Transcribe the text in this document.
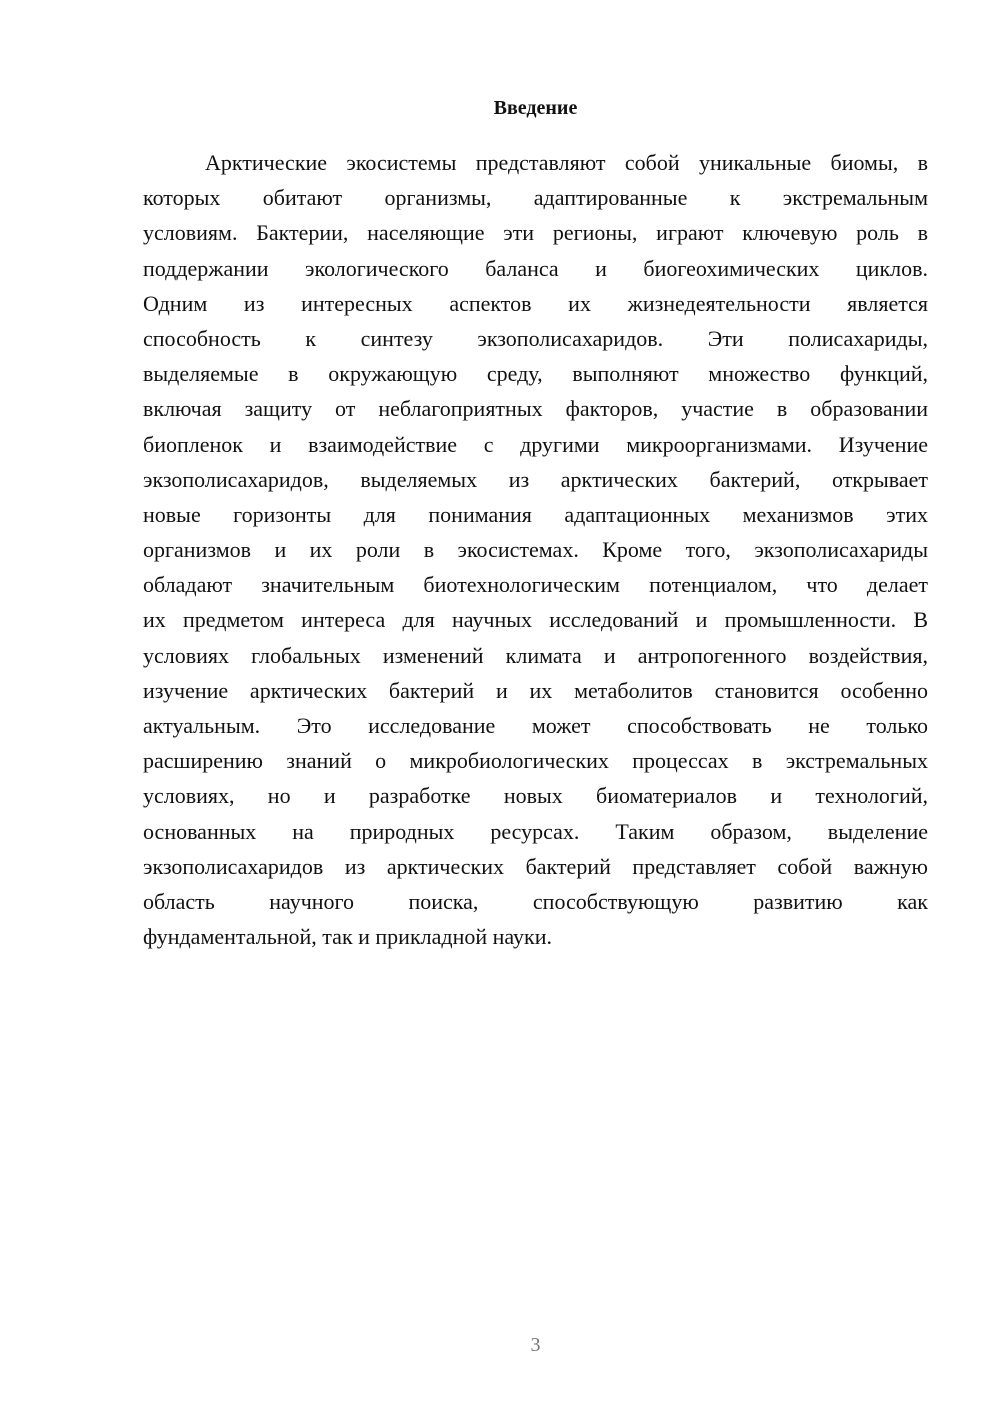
Введение
Арктические экосистемы представляют собой уникальные биомы, в
которых обитают организмы, адаптированные к экстремальным
условиям. Бактерии, населяющие эти регионы, играют ключевую роль в
поддержании экологического баланса и биогеохимических циклов.
Одним из интересных аспектов их жизнедеятельности является
способность к синтезу экзополисахаридов. Эти полисахариды,
выделяемые в окружающую среду, выполняют множество функций,
включая защиту от неблагоприятных факторов, участие в образовании
биопленок и взаимодействие с другими микроорганизмами. Изучение
экзополисахаридов, выделяемых из арктических бактерий, открывает
новые горизонты для понимания адаптационных механизмов этих
организмов и их роли в экосистемах. Кроме того, экзополисахариды
обладают значительным биотехнологическим потенциалом, что делает
их предметом интереса для научных исследований и промышленности. В
условиях глобальных изменений климата и антропогенного воздействия,
изучение арктических бактерий и их метаболитов становится особенно
актуальным. Это исследование может способствовать не только
расширению знаний о микробиологических процессах в экстремальных
условиях, но и разработке новых биоматериалов и технологий,
основанных на природных ресурсах. Таким образом, выделение
экзополисахаридов из арктических бактерий представляет собой важную
область научного поиска, способствующую развитию как
фундаментальной, так и прикладной науки.
3
